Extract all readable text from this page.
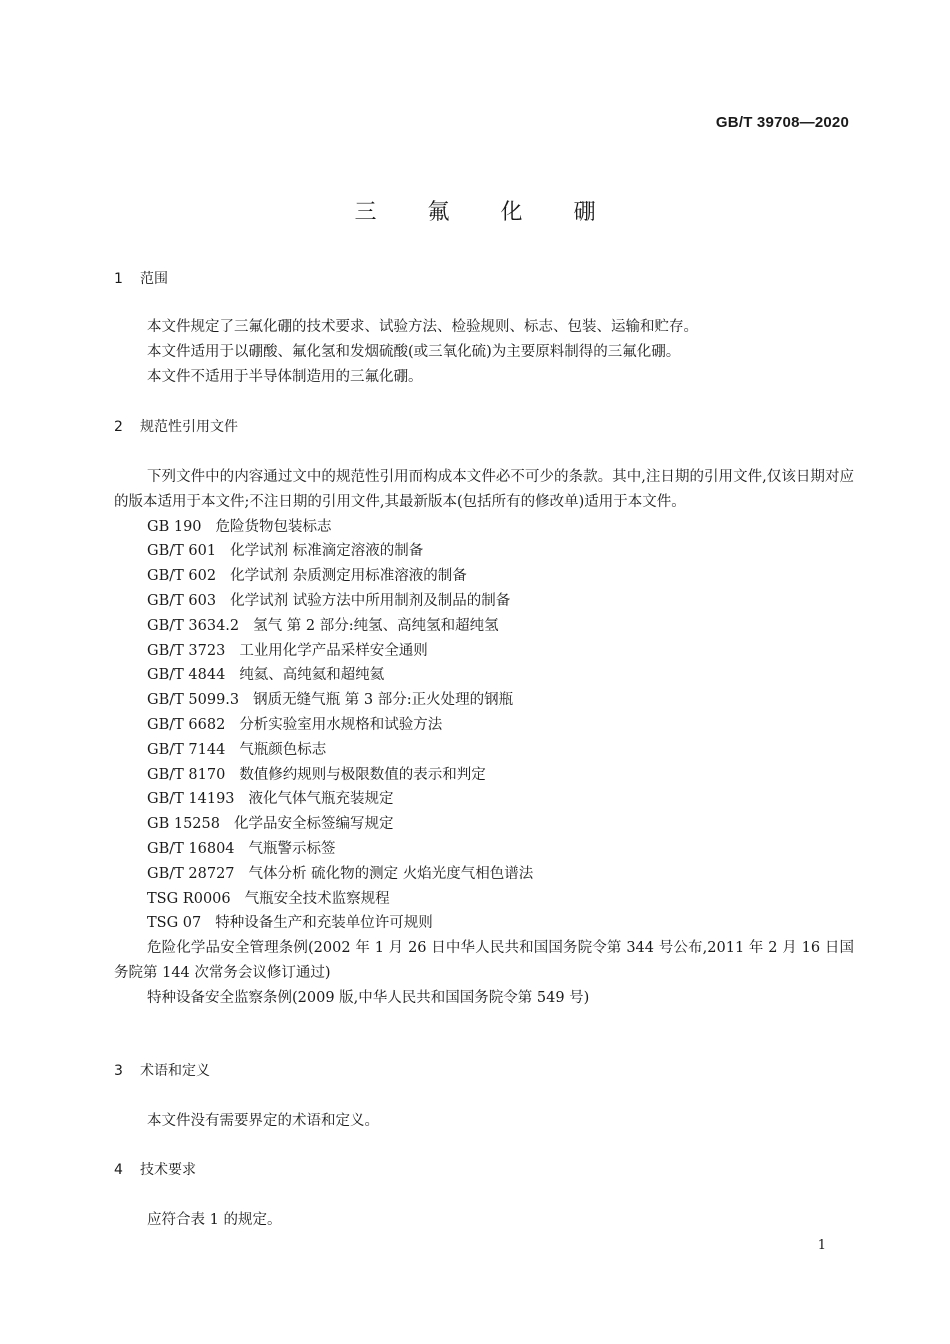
GB/T 39708—2020
三 氟 化 硼
1 范围
本文件规定了三氟化硼的技术要求、试验方法、检验规则、标志、包装、运输和贮存。
本文件适用于以硼酸、氟化氢和发烟硫酸(或三氧化硫)为主要原料制得的三氟化硼。
本文件不适用于半导体制造用的三氟化硼。
2 规范性引用文件
下列文件中的内容通过文中的规范性引用而构成本文件必不可少的条款。其中,注日期的引用文件,仅该日期对应的版本适用于本文件;不注日期的引用文件,其最新版本(包括所有的修改单)适用于本文件。
GB 190 危险货物包装标志
GB/T 601 化学试剂 标准滴定溶液的制备
GB/T 602 化学试剂 杂质测定用标准溶液的制备
GB/T 603 化学试剂 试验方法中所用制剂及制品的制备
GB/T 3634.2 氢气 第 2 部分:纯氢、高纯氢和超纯氢
GB/T 3723 工业用化学产品采样安全通则
GB/T 4844 纯氦、高纯氦和超纯氦
GB/T 5099.3 钢质无缝气瓶 第 3 部分:正火处理的钢瓶
GB/T 6682 分析实验室用水规格和试验方法
GB/T 7144 气瓶颜色标志
GB/T 8170 数值修约规则与极限数值的表示和判定
GB/T 14193 液化气体气瓶充装规定
GB 15258 化学品安全标签编写规定
GB/T 16804 气瓶警示标签
GB/T 28727 气体分析 硫化物的测定 火焰光度气相色谱法
TSG R0006 气瓶安全技术监察规程
TSG 07 特种设备生产和充装单位许可规则
危险化学品安全管理条例(2002 年 1 月 26 日中华人民共和国国务院令第 344 号公布,2011 年 2 月 16 日国务院第 144 次常务会议修订通过)
特种设备安全监察条例(2009 版,中华人民共和国国务院令第 549 号)
3 术语和定义
本文件没有需要界定的术语和定义。
4 技术要求
应符合表 1 的规定。
1
